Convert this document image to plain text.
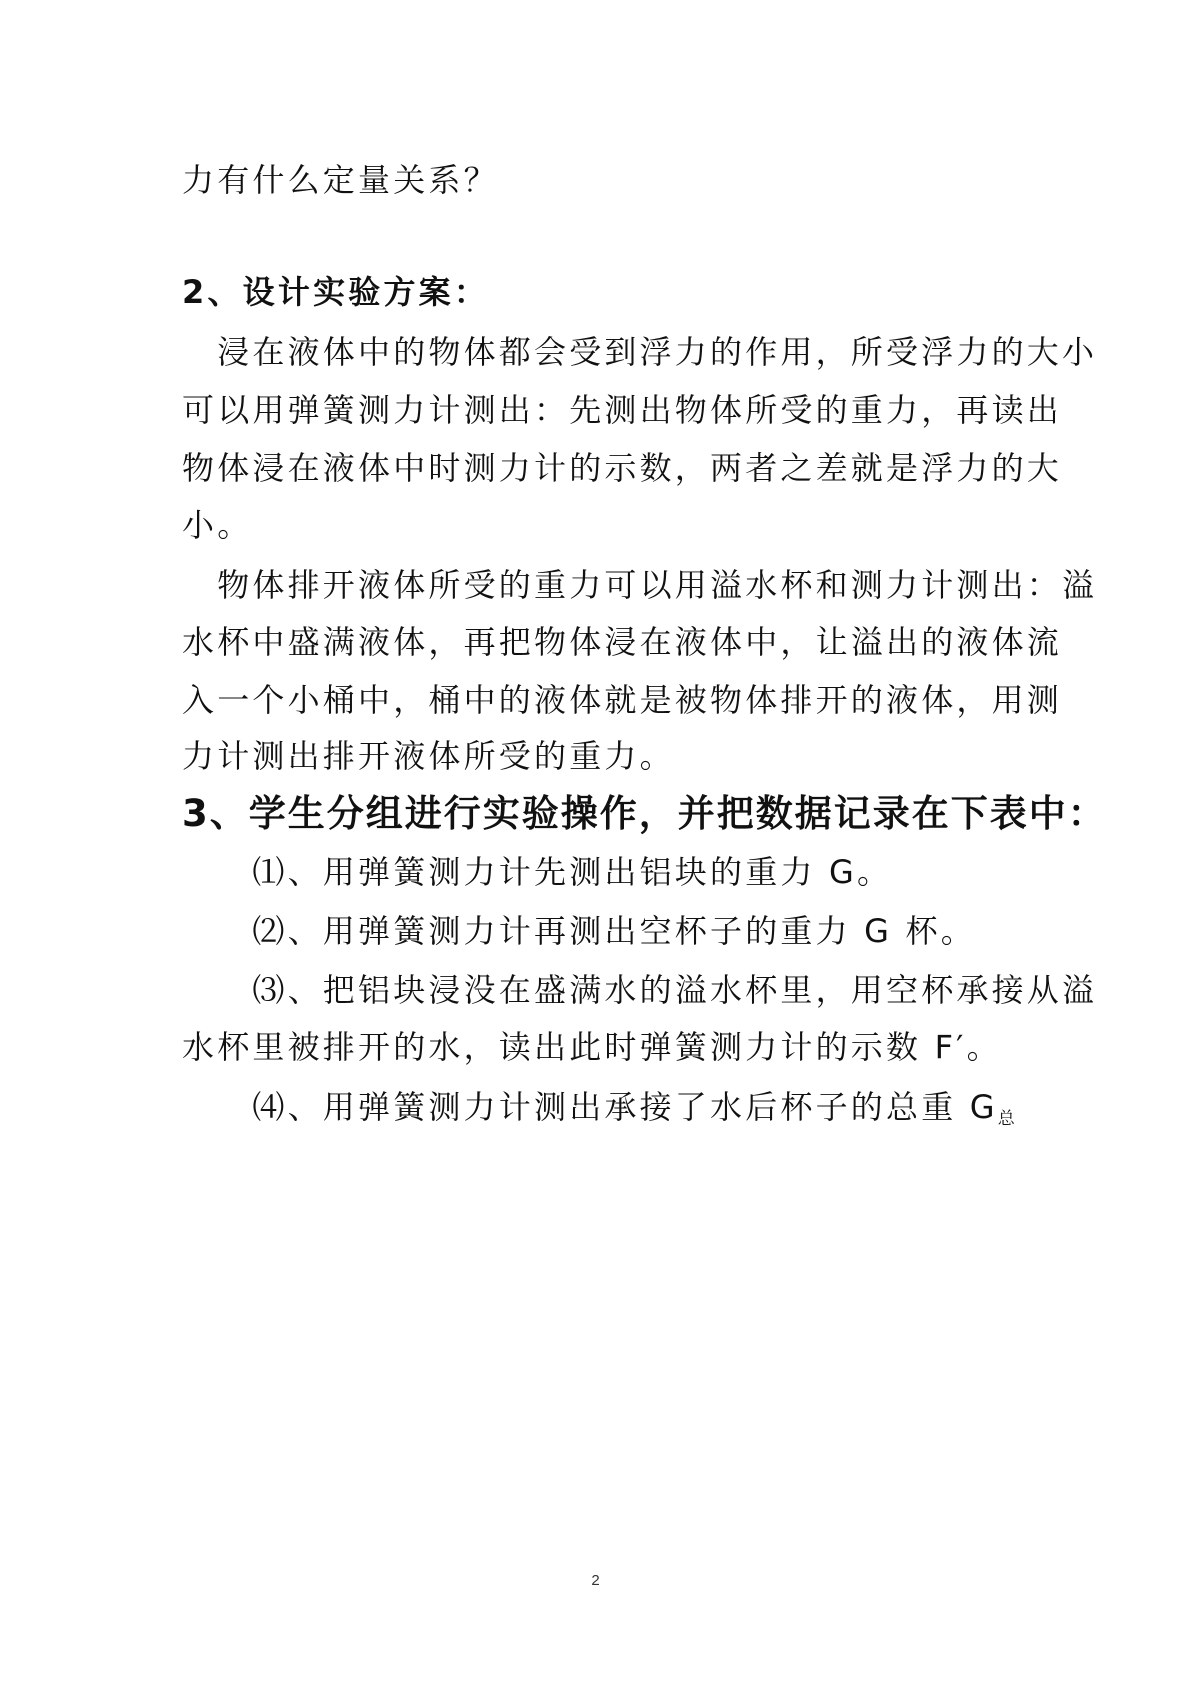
力有什么定量关系？
2、设计实验方案：
　浸在液体中的物体都会受到浮力的作用，所受浮力的大小
可以用弹簧测力计测出：先测出物体所受的重力，再读出
物体浸在液体中时测力计的示数，两者之差就是浮力的大
小。
　物体排开液体所受的重力可以用溢水杯和测力计测出：溢
水杯中盛满液体，再把物体浸在液体中，让溢出的液体流
入一个小桶中，桶中的液体就是被物体排开的液体，用测
力计测出排开液体所受的重力。
3、学生分组进行实验操作，并把数据记录在下表中：
　　⑴、用弹簧测力计先测出铝块的重力 G。
　　⑵、用弹簧测力计再测出空杯子的重力 G 杯。
　　⑶、把铝块浸没在盛满水的溢水杯里，用空杯承接从溢
水杯里被排开的水，读出此时弹簧测力计的示数 F′。
　　⑷、用弹簧测力计测出承接了水后杯子的总重 $G_总$
2
